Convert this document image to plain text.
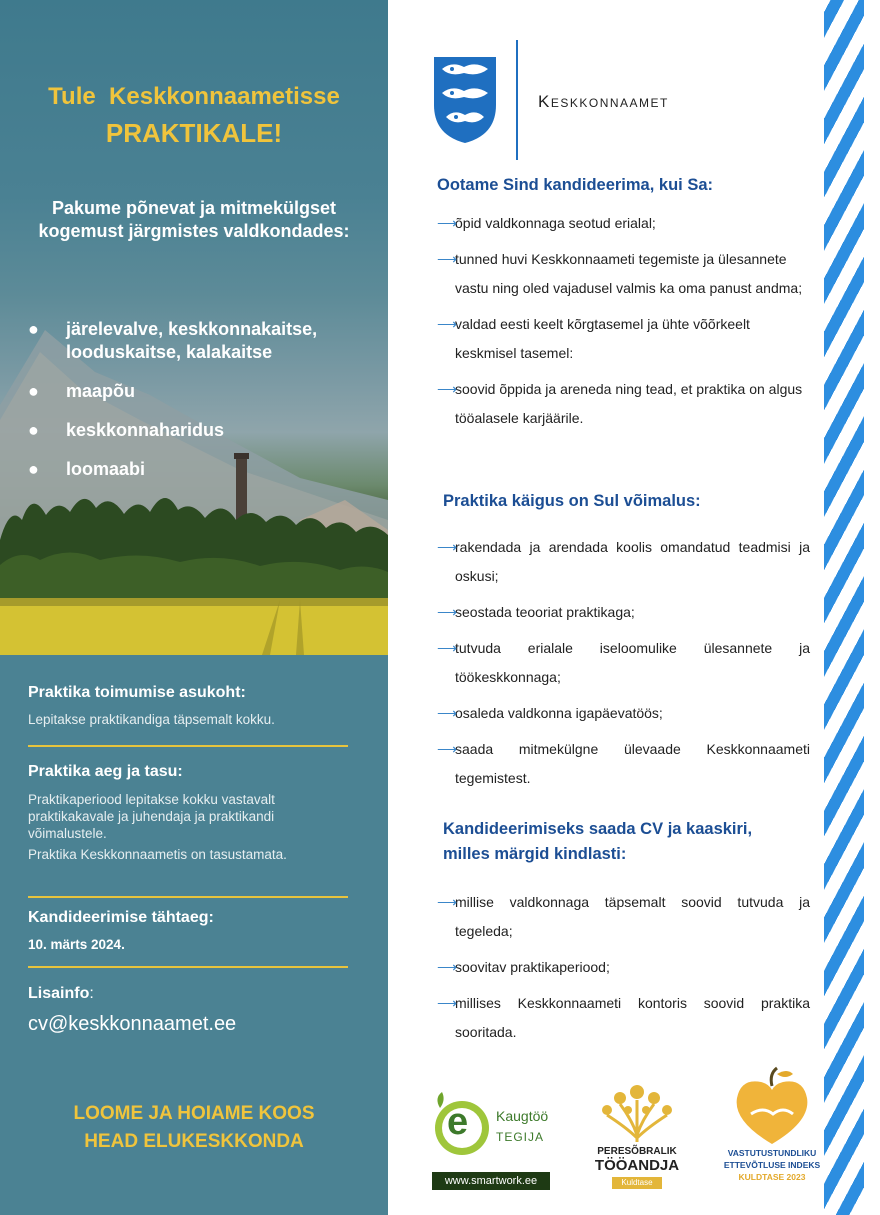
Tule  Keskkonnaametisse
PRAKTIKALE!
Pakume põnevat ja mitmekülgset kogemust järgmistes valdkondades:
● järelevalve, keskkonnakaitse, looduskaitse, kalakaitse
● maapõu
● keskkonnaharidus
● loomaabi
Praktika toimumise asukoht:
Lepitakse praktikandiga täpsemalt kokku.
Praktika aeg ja tasu:
Praktikaperiood lepitakse kokku vastavalt praktikakavale ja juhendaja ja praktikandi võimalustele.
Praktika Keskkonnaametis on tasustamata.
Kandideerimise tähtaeg:
10. märts 2024.
Lisainfo:
cv@keskkonnaamet.ee
LOOME JA HOIAME KOOS
HEAD ELUKESKKONDA
Keskkonnaamet
Ootame Sind kandideerima, kui Sa:
⟶
õpid valdkonnaga seotud erialal;
⟶
tunned huvi Keskkonnaameti tegemiste ja ülesannete vastu ning oled vajadusel valmis ka oma panust andma;
⟶
valdad eesti keelt kõrgtasemel ja ühte võõrkeelt keskmisel tasemel:
⟶
soovid õppida ja areneda ning tead, et praktika on algus tööalasele karjäärile.
Praktika käigus on Sul võimalus:
⟶
rakendada ja arendada koolis omandatud teadmisi ja oskusi;
⟶
seostada teooriat praktikaga;
⟶
tutvuda erialale iseloomulike ülesannete ja töökeskkonnaga;
⟶
osaleda valdkonna igapäevatöös;
⟶
saada mitmekülgne ülevaade Keskkonnaameti tegemistest.
Kandideerimiseks saada CV ja kaaskiri,
milles märgid kindlasti:
⟶
millise valdkonnaga täpsemalt soovid tutvuda ja tegeleda;
⟶
soovitav praktikaperiood;
⟶
millises Keskkonnaameti kontoris soovid praktika sooritada.
e Kaugtöö
TEGIJA
www.smartwork.ee
PERESÕBRALIK
TÖÖANDJA
Kuldtase
VASTUTUSTUNDLIKU
ETTEVÕTLUSE INDEKS
KULDTASE 2023
